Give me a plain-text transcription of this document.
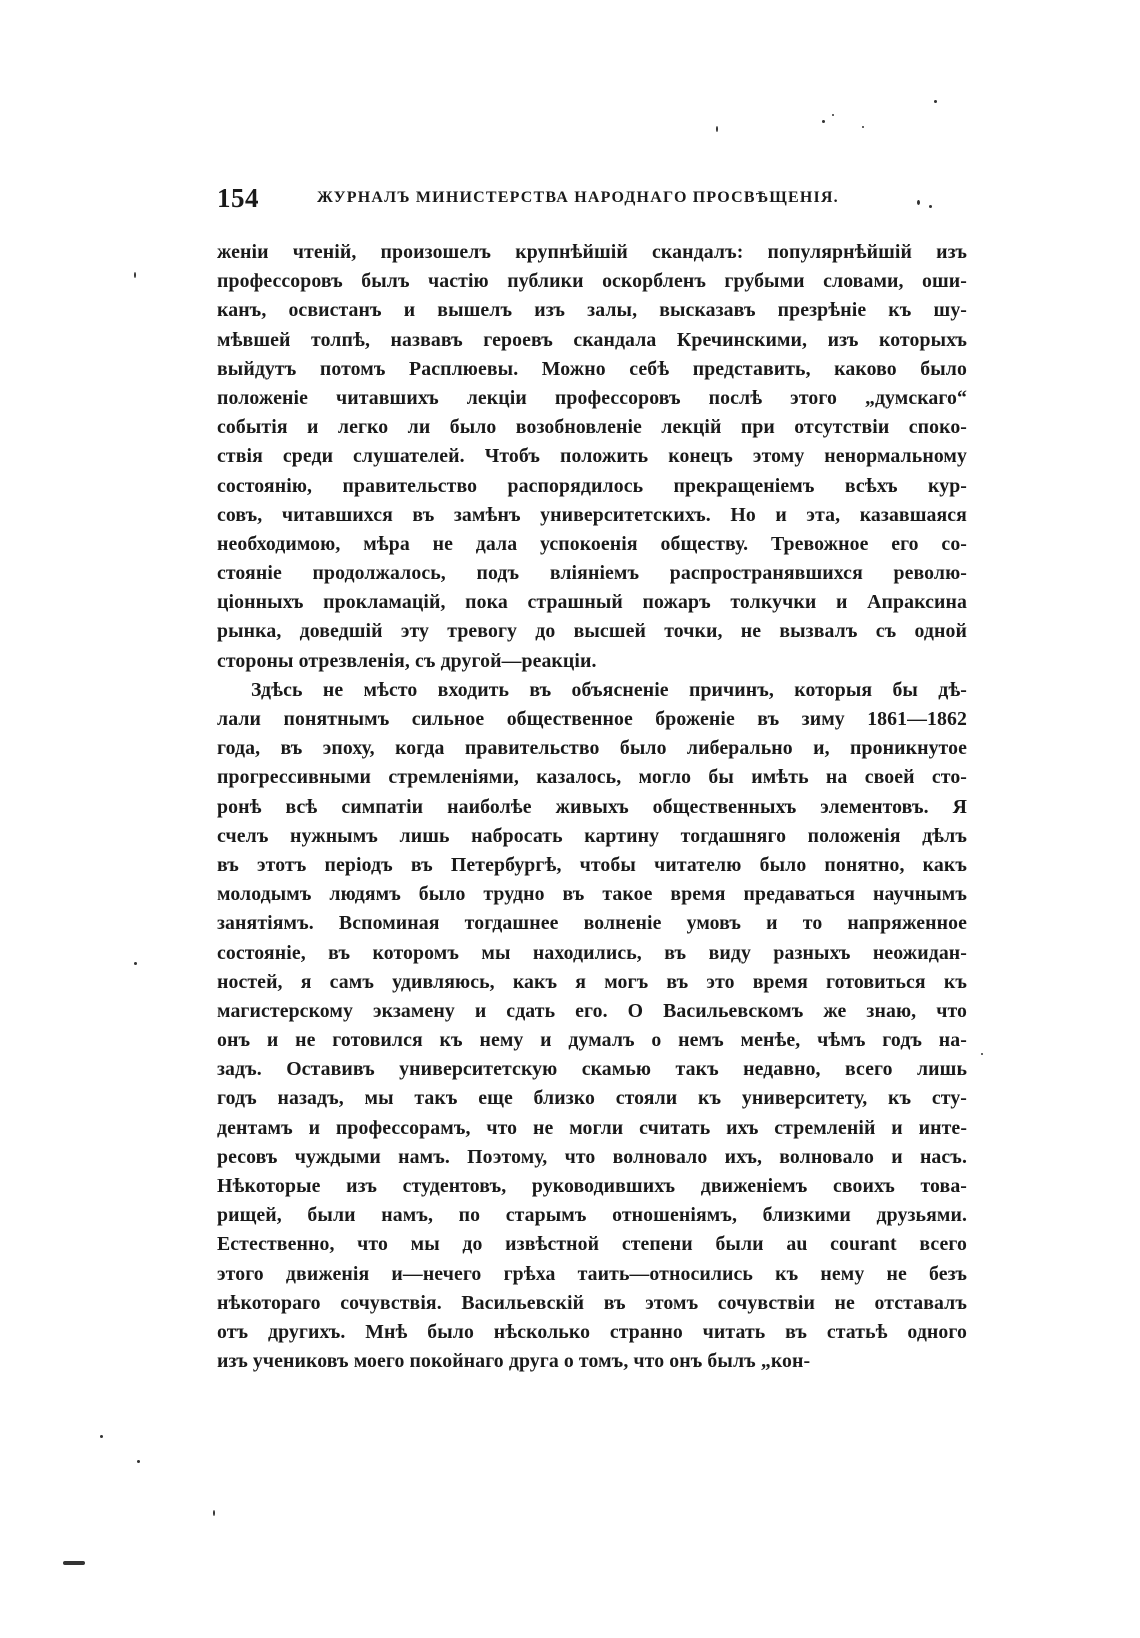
154	ЖУРНАЛЪ МИНИСТЕРСТВА НАРОДНАГО ПРОСВѢЩЕНІЯ.
женіи чтеній, произошелъ крупнѣйшій скандалъ: популярнѣйшій изъ
профессоровъ былъ частію публики оскорбленъ грубыми словами, оши-
канъ, освистанъ и вышелъ изъ залы, высказавъ презрѣніе къ шу-
мѣвшей толпѣ, назвавъ героевъ скандала Кречинскими, изъ которыхъ
выйдутъ потомъ Расплюевы. Можно себѣ представить, каково было
положеніе читавшихъ лекціи профессоровъ послѣ этого „думскаго“
событія и легко ли было возобновленіе лекцій при отсутствіи споко-
ствія среди слушателей. Чтобъ положить конецъ этому ненормальному
состоянію, правительство распорядилось прекращеніемъ всѣхъ кур-
совъ, читавшихся въ замѣнъ университетскихъ. Но и эта, казавшаяся
необходимою, мѣра не дала успокоенія обществу. Тревожное его со-
стояніе продолжалось, подъ вліяніемъ распространявшихся револю-
ціонныхъ прокламацій, пока страшный пожаръ толкучки и Апраксина
рынка, доведшій эту тревогу до высшей точки, не вызвалъ съ одной
стороны отрезвленія, съ другой—реакціи.
Здѣсь не мѣсто входить въ объясненіе причинъ, которыя бы дѣ-
лали понятнымъ сильное общественное броженіе въ зиму 1861—1862
года, въ эпоху, когда правительство было либерально и, проникнутое
прогрессивными стремленіями, казалось, могло бы имѣть на своей сто-
ронѣ всѣ симпатіи наиболѣе живыхъ общественныхъ элементовъ. Я
счелъ нужнымъ лишь набросать картину тогдашняго положенія дѣлъ
въ этотъ періодъ въ Петербургѣ, чтобы читателю было понятно, какъ
молодымъ людямъ было трудно въ такое время предаваться научнымъ
занятіямъ. Вспоминая тогдашнее волненіе умовъ и то напряженное
состояніе, въ которомъ мы находились, въ виду разныхъ неожидан-
ностей, я самъ удивляюсь, какъ я могъ въ это время готовиться къ
магистерскому экзамену и сдать его. О Васильевскомъ же знаю, что
онъ и не готовился къ нему и думалъ о немъ менѣе, чѣмъ годъ на-
задъ. Оставивъ университетскую скамью такъ недавно, всего лишь
годъ назадъ, мы такъ еще близко стояли къ университету, къ сту-
дентамъ и профессорамъ, что не могли считать ихъ стремленій и инте-
ресовъ чуждыми намъ. Поэтому, что волновало ихъ, волновало и насъ.
Нѣкоторые изъ студентовъ, руководившихъ движеніемъ своихъ това-
рищей, были намъ, по старымъ отношеніямъ, близкими друзьями.
Естественно, что мы до извѣстной степени были au courant всего
этого движенія и—нечего грѣха таить—относились къ нему не безъ
нѣкотораго сочувствія. Васильевскій въ этомъ сочувствіи не отставалъ
отъ другихъ. Мнѣ было нѣсколько странно читать въ статьѣ одного
изъ учениковъ моего покойнаго друга о томъ, что онъ былъ „кон-
